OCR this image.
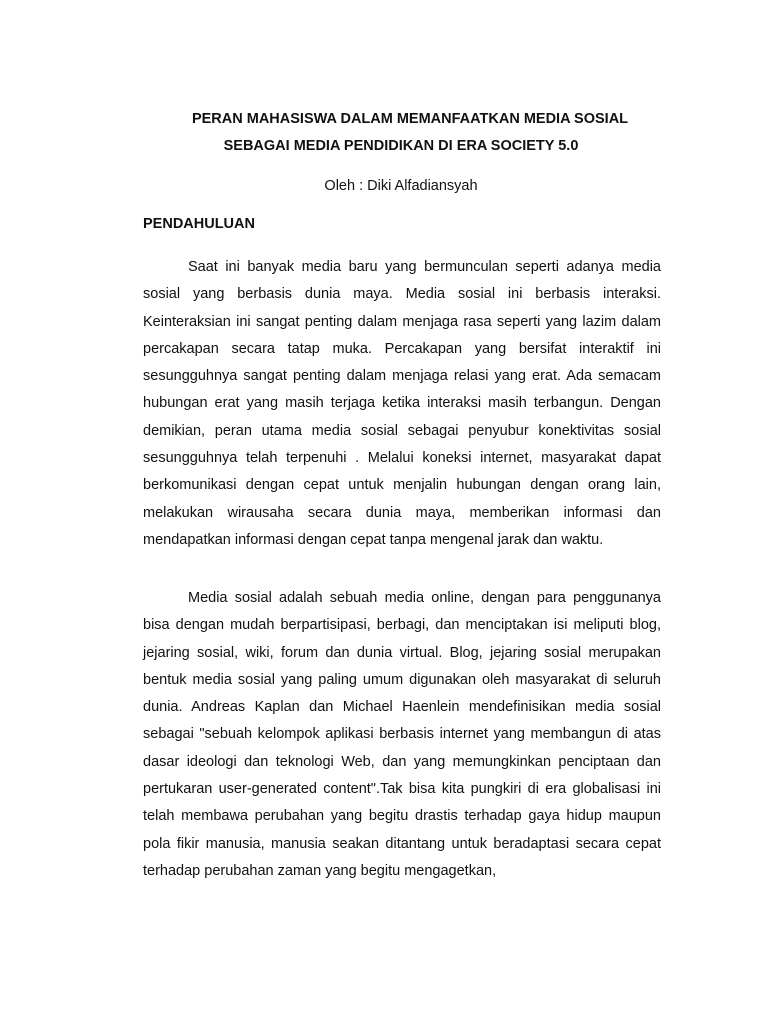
PERAN MAHASISWA DALAM MEMANFAATKAN MEDIA SOSIAL
SEBAGAI MEDIA PENDIDIKAN DI ERA SOCIETY 5.0
Oleh : Diki Alfadiansyah
PENDAHULUAN

Saat ini banyak media baru yang bermunculan seperti adanya media sosial yang berbasis dunia maya. Media sosial ini berbasis interaksi. Keinteraksian ini sangat penting dalam menjaga rasa seperti yang lazim dalam percakapan secara tatap muka. Percakapan yang bersifat interaktif ini sesungguhnya sangat penting dalam menjaga relasi yang erat. Ada semacam hubungan erat yang masih terjaga ketika interaksi masih terbangun. Dengan demikian, peran utama media sosial sebagai penyubur konektivitas sosial sesungguhnya telah terpenuhi . Melalui koneksi internet, masyarakat dapat berkomunikasi dengan cepat untuk menjalin hubungan dengan orang lain, melakukan wirausaha secara dunia maya, memberikan informasi dan mendapatkan informasi dengan cepat tanpa mengenal jarak dan waktu.

Media sosial adalah sebuah media online, dengan para penggunanya bisa dengan mudah berpartisipasi, berbagi, dan menciptakan isi meliputi blog, jejaring sosial, wiki, forum dan dunia virtual. Blog, jejaring sosial merupakan bentuk media sosial yang paling umum digunakan oleh masyarakat di seluruh dunia. Andreas Kaplan dan Michael Haenlein mendefinisikan media sosial sebagai "sebuah kelompok aplikasi berbasis internet yang membangun di atas dasar ideologi dan teknologi Web, dan yang memungkinkan penciptaan dan pertukaran user-generated content".Tak bisa kita pungkiri di era globalisasi ini telah membawa perubahan yang begitu drastis terhadap gaya hidup maupun pola fikir manusia, manusia seakan ditantang untuk beradaptasi secara cepat terhadap perubahan zaman yang begitu mengagetkan,
